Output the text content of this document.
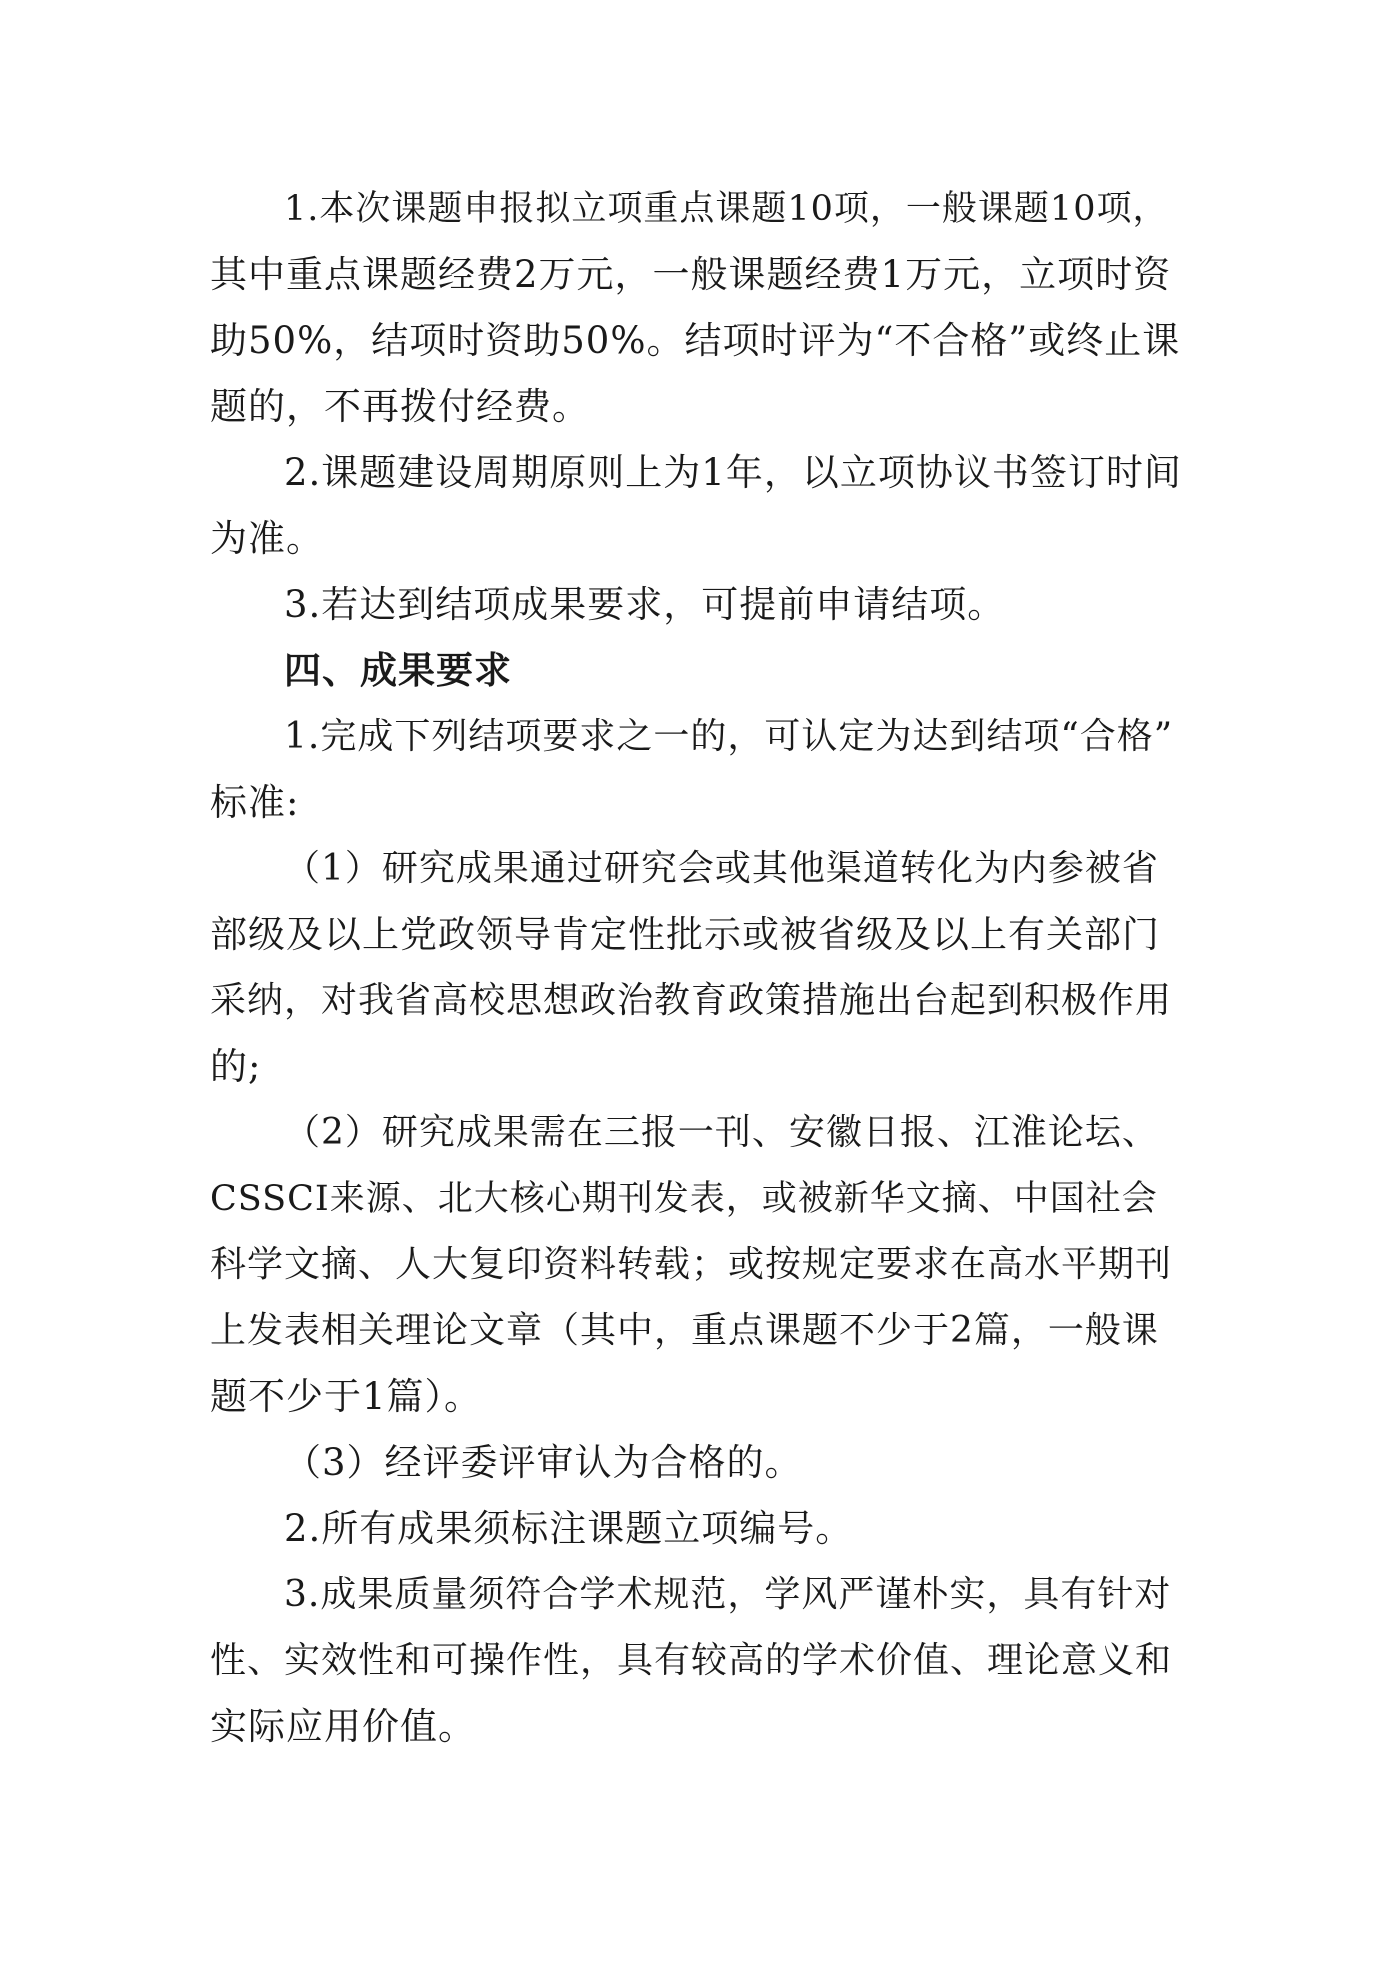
1.本次课题申报拟立项重点课题10项，一般课题10项，
其中重点课题经费2万元，一般课题经费1万元，立项时资
助50%，结项时资助50%。结项时评为“不合格”或终止课
题的，不再拨付经费。
2.课题建设周期原则上为1年，以立项协议书签订时间
为准。
3.若达到结项成果要求，可提前申请结项。
四、成果要求
1.完成下列结项要求之一的，可认定为达到结项“合格”
标准:
（1）研究成果通过研究会或其他渠道转化为内参被省
部级及以上党政领导肯定性批示或被省级及以上有关部门
采纳，对我省高校思想政治教育政策措施出台起到积极作用
的;
（2）研究成果需在三报一刊、安徽日报、江淮论坛、
CSSCI来源、北大核心期刊发表，或被新华文摘、中国社会
科学文摘、人大复印资料转载；或按规定要求在高水平期刊
上发表相关理论文章（其中，重点课题不少于2篇，一般课
题不少于1篇）。
（3）经评委评审认为合格的。
2.所有成果须标注课题立项编号。
3.成果质量须符合学术规范，学风严谨朴实，具有针对
性、实效性和可操作性，具有较高的学术价值、理论意义和
实际应用价值。
